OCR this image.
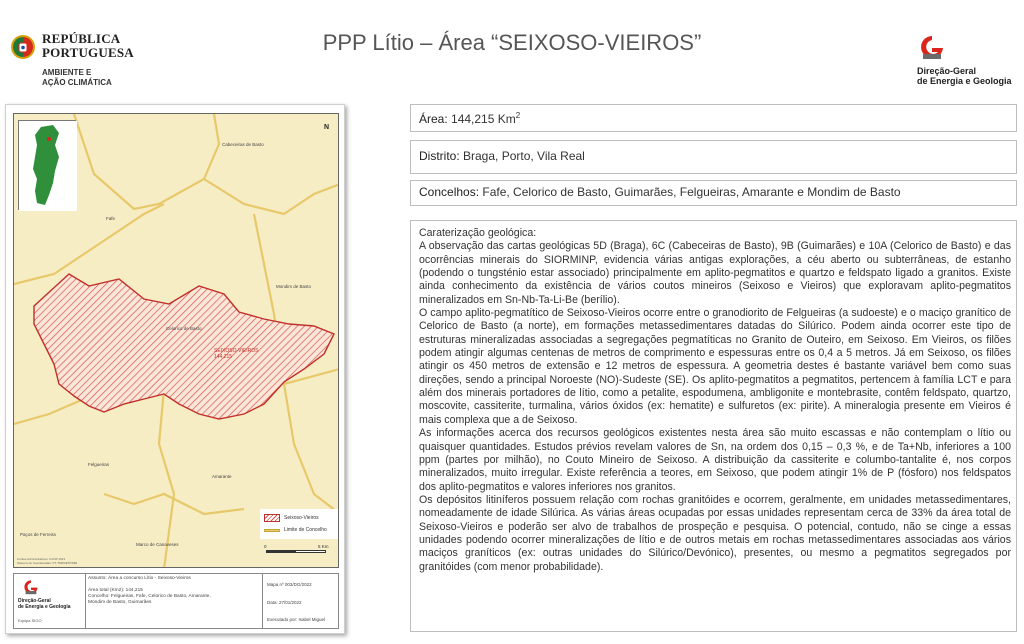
REPÚBLICA
PORTUGUESA
AMBIENTE E
AÇÃO CLIMÁTICA
PPP Lítio – Área “SEIXOSO-VIEIROS”
Direção-Geral
de Energia e Geologia
N
Cabeceiras de Basto
Fafe
Celorico de Basto
Felgueiras
Amarante
Mondim de Basto
Paços de Ferreira
Marco de Canaveses
SEIXOSO-VIEIROS
144,215
Seixoso-Vieiros
Limite de Concelho
0	5 Km
Limites Administrativos: CAOP 2021
Sistema de Coordenadas: PT-TM06/ETRS89
Direção-Geral
de Energia e Geologia
Equipa SIGO
Assunto: Área a concurso Lítio - Seixoso-Vieiros

Área total (Km2): 144,215
Concelho: Felgueiras, Fafe, Celorico de Basto, Amarante,
Mondim de Basto, Guimarães
Mapa nº 003/DG/2022
Data: 27/01/2022
Executado por: Isabel Miguel
Área: 144,215 Km$^2$
Distrito: Braga, Porto, Vila Real
Concelhos: Fafe, Celorico de Basto, Guimarães, Felgueiras, Amarante e Mondim de Basto

Caraterização geológica:

A observação das cartas geológicas 5D (Braga), 6C (Cabeceiras de Basto), 9B (Guimarães) e 10A (Celorico de Basto) e das ocorrências minerais do SIORMINP, evidencia várias antigas explorações, a céu aberto ou subterrâneas, de estanho (podendo o tungsténio estar associado) principalmente em aplito-pegmatitos e quartzo e feldspato ligado a granitos. Existe ainda conhecimento da existência de vários coutos mineiros (Seixoso e Vieiros) que exploravam aplito-pegmatitos mineralizados em Sn-Nb-Ta-Li-Be (berílio).

O campo aplito-pegmatítico de Seixoso-Vieiros ocorre entre o granodiorito de Felgueiras (a sudoeste) e o maciço granítico de Celorico de Basto (a norte), em formações metassedimentares datadas do Silúrico. Podem ainda ocorrer este tipo de estruturas mineralizadas associadas a segregações pegmatíticas no Granito de Outeiro, em Seixoso. Em Vieiros, os filões podem atingir algumas centenas de metros de comprimento e espessuras entre os 0,4 a 5 metros. Já em Seixoso, os filões atingir os 450 metros de extensão e 12 metros de espessura. A geometria destes é bastante variável bem como suas direções, sendo a principal Noroeste (NO)-Sudeste (SE). Os aplito-pegmatitos a pegmatitos, pertencem à família LCT e para além dos minerais portadores de lítio, como a petalite, espodumena, ambligonite e montebrasite, contêm feldspato, quartzo, moscovite, cassiterite, turmalina, vários óxidos (ex: hematite) e sulfuretos (ex: pirite). A mineralogia presente em Vieiros é mais complexa que a de Seixoso.

As informações acerca dos recursos geológicos existentes nesta área são muito escassas e não contemplam o lítio ou quaisquer quantidades. Estudos prévios revelam valores de Sn, na ordem dos 0,15 – 0,3 %, e de Ta+Nb, inferiores a 100 ppm (partes por milhão), no Couto Mineiro de Seixoso. A distribuição da cassiterite e columbo-tantalite é, nos corpos mineralizados, muito irregular. Existe referência a teores, em Seixoso, que podem atingir 1% de P (fósforo) nos feldspatos dos aplito-pegmatitos e valores inferiores nos granitos.

Os depósitos litiníferos possuem relação com rochas granitóides e ocorrem, geralmente, em unidades metassedimentares, nomeadamente de idade Silúrica. As várias áreas ocupadas por essas unidades representam cerca de 33% da área total de Seixoso-Vieiros e poderão ser alvo de trabalhos de prospeção e pesquisa. O potencial, contudo, não se cinge a essas unidades podendo ocorrer mineralizações de lítio e de outros metais em rochas metassedimentares associadas aos vários maciços graníticos (ex: outras unidades do Silúrico/Devónico), presentes, ou mesmo a pegmatitos segregados por granitóides (com menor probabilidade).
